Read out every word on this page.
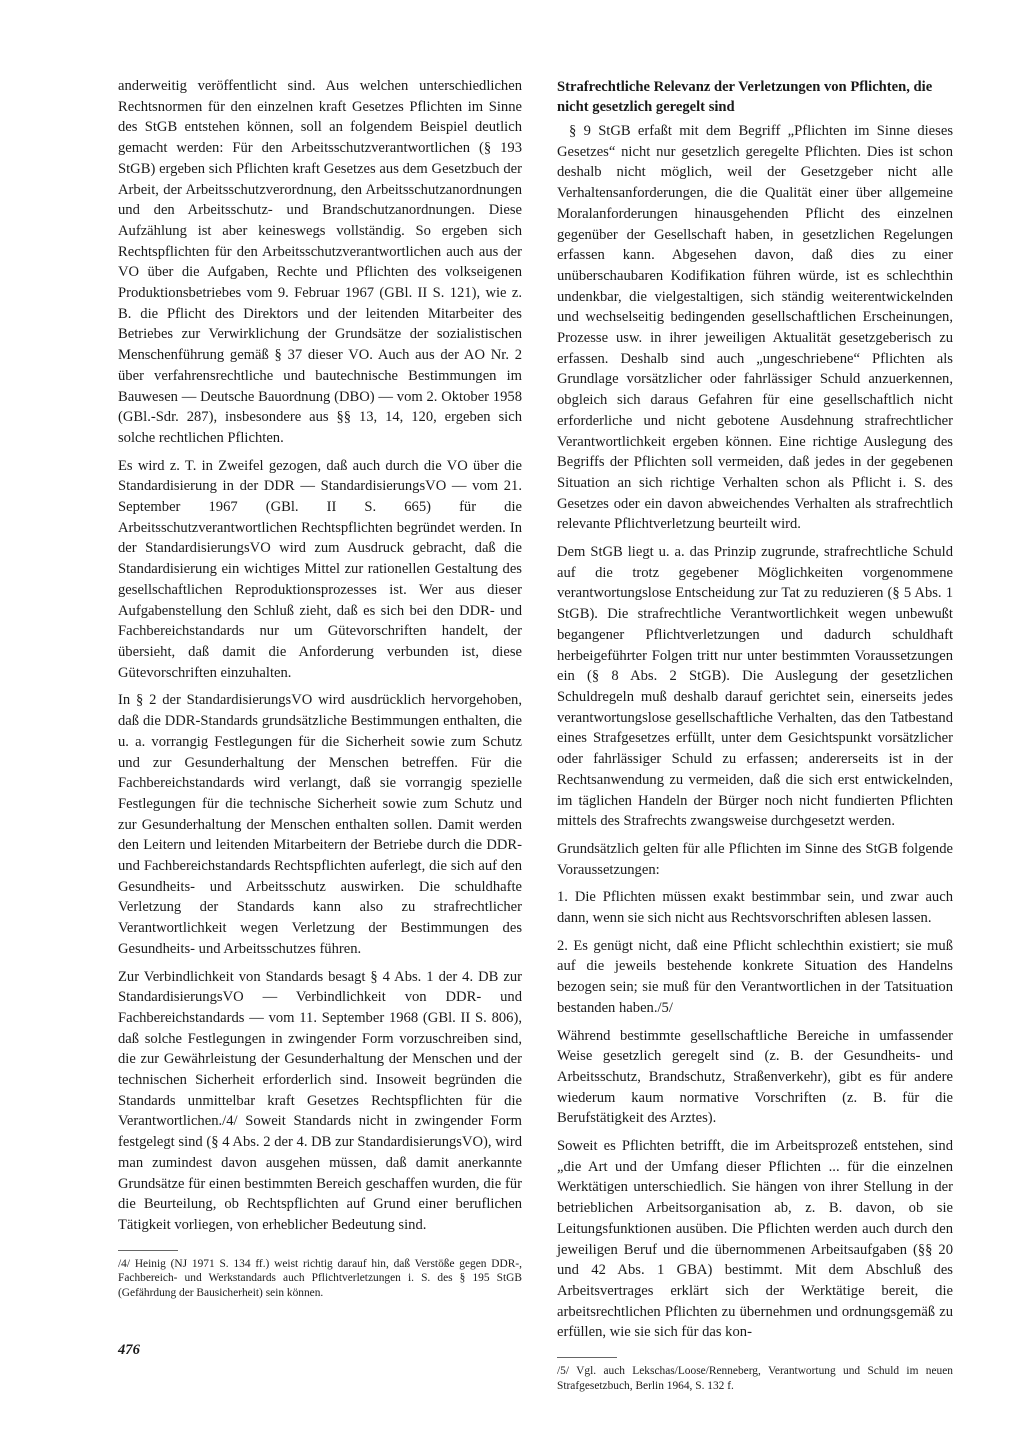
anderweitig veröffentlicht sind. Aus welchen unterschiedlichen Rechtsnormen für den einzelnen kraft Gesetzes Pflichten im Sinne des StGB entstehen können, soll an folgendem Beispiel deutlich gemacht werden: Für den Arbeitsschutzverantwortlichen (§ 193 StGB) ergeben sich Pflichten kraft Gesetzes aus dem Gesetzbuch der Arbeit, der Arbeitsschutzverordnung, den Arbeitsschutzanordnungen und den Arbeitsschutz- und Brandschutzanordnungen. Diese Aufzählung ist aber keineswegs vollständig. So ergeben sich Rechtspflichten für den Arbeitsschutzverantwortlichen auch aus der VO über die Aufgaben, Rechte und Pflichten des volkseigenen Produktionsbetriebes vom 9. Februar 1967 (GBl. II S. 121), wie z. B. die Pflicht des Direktors und der leitenden Mitarbeiter des Betriebes zur Verwirklichung der Grundsätze der sozialistischen Menschenführung gemäß § 37 dieser VO. Auch aus der AO Nr. 2 über verfahrensrechtliche und bautechnische Bestimmungen im Bauwesen — Deutsche Bauordnung (DBO) — vom 2. Oktober 1958 (GBl.-Sdr. 287), insbesondere aus §§ 13, 14, 120, ergeben sich solche rechtlichen Pflichten.

Es wird z. T. in Zweifel gezogen, daß auch durch die VO über die Standardisierung in der DDR — StandardisierungsVO — vom 21. September 1967 (GBl. II S. 665) für die Arbeitsschutzverantwortlichen Rechtspflichten begründet werden. In der StandardisierungsVO wird zum Ausdruck gebracht, daß die Standardisierung ein wichtiges Mittel zur rationellen Gestaltung des gesellschaftlichen Reproduktionsprozesses ist. Wer aus dieser Aufgabenstellung den Schluß zieht, daß es sich bei den DDR- und Fachbereichstandards nur um Gütevorschriften handelt, der übersieht, daß damit die Anforderung verbunden ist, diese Gütevorschriften einzuhalten.

In § 2 der StandardisierungsVO wird ausdrücklich hervorgehoben, daß die DDR-Standards grundsätzliche Bestimmungen enthalten, die u. a. vorrangig Festlegungen für die Sicherheit sowie zum Schutz und zur Gesunderhaltung der Menschen betreffen. Für die Fachbereichstandards wird verlangt, daß sie vorrangig spezielle Festlegungen für die technische Sicherheit sowie zum Schutz und zur Gesunderhaltung der Menschen enthalten sollen. Damit werden den Leitern und leitenden Mitarbeitern der Betriebe durch die DDR- und Fachbereichstandards Rechtspflichten auferlegt, die sich auf den Gesundheits- und Arbeitsschutz auswirken. Die schuldhafte Verletzung der Standards kann also zu strafrechtlicher Verantwortlichkeit wegen Verletzung der Bestimmungen des Gesundheits- und Arbeitsschutzes führen.

Zur Verbindlichkeit von Standards besagt § 4 Abs. 1 der 4. DB zur StandardisierungsVO — Verbindlichkeit von DDR- und Fachbereichstandards — vom 11. September 1968 (GBl. II S. 806), daß solche Festlegungen in zwingender Form vorzuschreiben sind, die zur Gewährleistung der Gesunderhaltung der Menschen und der technischen Sicherheit erforderlich sind. Insoweit begründen die Standards unmittelbar kraft Gesetzes Rechtspflichten für die Verantwortlichen./4/ Soweit Standards nicht in zwingender Form festgelegt sind (§ 4 Abs. 2 der 4. DB zur StandardisierungsVO), wird man zumindest davon ausgehen müssen, daß damit anerkannte Grundsätze für einen bestimmten Bereich geschaffen wurden, die für die Beurteilung, ob Rechtspflichten auf Grund einer beruflichen Tätigkeit vorliegen, von erheblicher Bedeutung sind.

/4/ Heinig (NJ 1971 S. 134 ff.) weist richtig darauf hin, daß Verstöße gegen DDR-, Fachbereich- und Werkstandards auch Pflichtverletzungen i. S. des § 195 StGB (Gefährdung der Bausicherheit) sein können.

Strafrechtliche Relevanz der Verletzungen von Pflichten, die nicht gesetzlich geregelt sind

§ 9 StGB erfaßt mit dem Begriff „Pflichten im Sinne dieses Gesetzes“ nicht nur gesetzlich geregelte Pflichten. Dies ist schon deshalb nicht möglich, weil der Gesetzgeber nicht alle Verhaltensanforderungen, die die Qualität einer über allgemeine Moralanforderungen hinausgehenden Pflicht des einzelnen gegenüber der Gesellschaft haben, in gesetzlichen Regelungen erfassen kann. Abgesehen davon, daß dies zu einer unüberschaubaren Kodifikation führen würde, ist es schlechthin undenkbar, die vielgestaltigen, sich ständig weiterentwickelnden und wechselseitig bedingenden gesellschaftlichen Erscheinungen, Prozesse usw. in ihrer jeweiligen Aktualität gesetzgeberisch zu erfassen. Deshalb sind auch „ungeschriebene“ Pflichten als Grundlage vorsätzlicher oder fahrlässiger Schuld anzuerkennen, obgleich sich daraus Gefahren für eine gesellschaftlich nicht erforderliche und nicht gebotene Ausdehnung strafrechtlicher Verantwortlichkeit ergeben können. Eine richtige Auslegung des Begriffs der Pflichten soll vermeiden, daß jedes in der gegebenen Situation an sich richtige Verhalten schon als Pflicht i. S. des Gesetzes oder ein davon abweichendes Verhalten als strafrechtlich relevante Pflichtverletzung beurteilt wird.

Dem StGB liegt u. a. das Prinzip zugrunde, strafrechtliche Schuld auf die trotz gegebener Möglichkeiten vorgenommene verantwortungslose Entscheidung zur Tat zu reduzieren (§ 5 Abs. 1 StGB). Die strafrechtliche Verantwortlichkeit wegen unbewußt begangener Pflichtverletzungen und dadurch schuldhaft herbeigeführter Folgen tritt nur unter bestimmten Voraussetzungen ein (§ 8 Abs. 2 StGB). Die Auslegung der gesetzlichen Schuldregeln muß deshalb darauf gerichtet sein, einerseits jedes verantwortungslose gesellschaftliche Verhalten, das den Tatbestand eines Strafgesetzes erfüllt, unter dem Gesichtspunkt vorsätzlicher oder fahrlässiger Schuld zu erfassen; andererseits ist in der Rechtsanwendung zu vermeiden, daß die sich erst entwickelnden, im täglichen Handeln der Bürger noch nicht fundierten Pflichten mittels des Strafrechts zwangsweise durchgesetzt werden.

Grundsätzlich gelten für alle Pflichten im Sinne des StGB folgende Voraussetzungen:

1. Die Pflichten müssen exakt bestimmbar sein, und zwar auch dann, wenn sie sich nicht aus Rechtsvorschriften ablesen lassen.

2. Es genügt nicht, daß eine Pflicht schlechthin existiert; sie muß auf die jeweils bestehende konkrete Situation des Handelns bezogen sein; sie muß für den Verantwortlichen in der Tatsituation bestanden haben./5/

Während bestimmte gesellschaftliche Bereiche in umfassender Weise gesetzlich geregelt sind (z. B. der Gesundheits- und Arbeitsschutz, Brandschutz, Straßenverkehr), gibt es für andere wiederum kaum normative Vorschriften (z. B. für die Berufstätigkeit des Arztes).

Soweit es Pflichten betrifft, die im Arbeitsprozeß entstehen, sind „die Art und der Umfang dieser Pflichten ... für die einzelnen Werktätigen unterschiedlich. Sie hängen von ihrer Stellung in der betrieblichen Arbeitsorganisation ab, z. B. davon, ob sie Leitungsfunktionen ausüben. Die Pflichten werden auch durch den jeweiligen Beruf und die übernommenen Arbeitsaufgaben (§§ 20 und 42 Abs. 1 GBA) bestimmt. Mit dem Abschluß des Arbeitsvertrages erklärt sich der Werktätige bereit, die arbeitsrechtlichen Pflichten zu übernehmen und ordnungsgemäß zu erfüllen, wie sie sich für das kon-

/5/ Vgl. auch Lekschas/Loose/Renneberg, Verantwortung und Schuld im neuen Strafgesetzbuch, Berlin 1964, S. 132 f.

476
